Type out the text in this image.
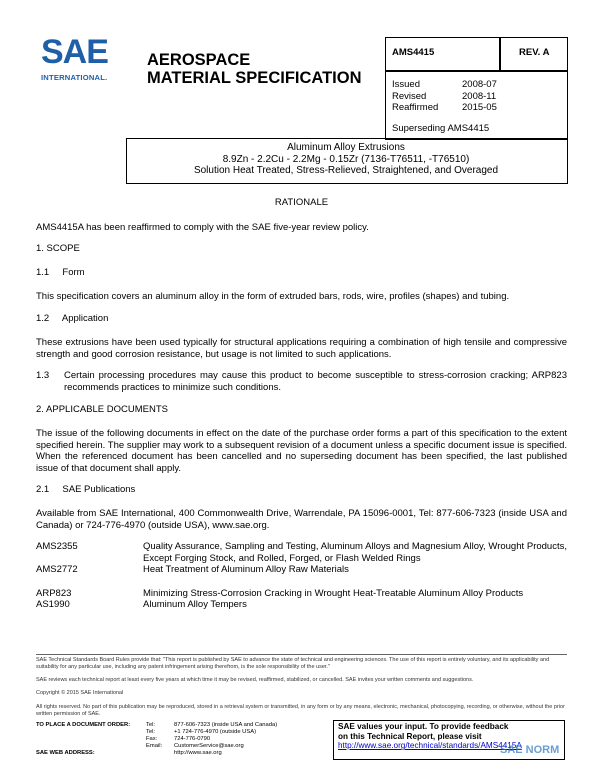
SAE
INTERNATIONAL.
AEROSPACE
MATERIAL SPECIFICATION
AMS4415	REV. A
Issued	2008-07
Revised	2008-11
Reaffirmed	2015-05
Superseding AMS4415
Aluminum Alloy Extrusions
8.9Zn - 2.2Cu - 2.2Mg - 0.15Zr (7136-T76511, -T76510)
Solution Heat Treated, Stress-Relieved, Straightened, and Overaged
RATIONALE
AMS4415A has been reaffirmed to comply with the SAE five-year review policy.
1. SCOPE
1.1     Form
This specification covers an aluminum alloy in the form of extruded bars, rods, wire, profiles (shapes) and tubing.
1.2     Application
These extrusions have been used typically for structural applications requiring a combination of high tensile and compressive strength and good corrosion resistance, but usage is not limited to such applications.
1.3 Certain processing procedures may cause this product to become susceptible to stress-corrosion cracking; ARP823 recommends practices to minimize such conditions.
2. APPLICABLE DOCUMENTS
The issue of the following documents in effect on the date of the purchase order forms a part of this specification to the extent specified herein. The supplier may work to a subsequent revision of a document unless a specific document issue is specified. When the referenced document has been cancelled and no superseding document has been specified, the last published issue of that document shall apply.
2.1     SAE Publications
Available from SAE International, 400 Commonwealth Drive, Warrendale, PA 15096-0001, Tel: 877-606-7323 (inside USA and Canada) or 724-776-4970 (outside USA), www.sae.org.
AMS2355	Quality Assurance, Sampling and Testing, Aluminum Alloys and Magnesium Alloy, Wrought Products, Except Forging Stock, and Rolled, Forged, or Flash Welded Rings
AMS2772	Heat Treatment of Aluminum Alloy Raw Materials
ARP823	Minimizing Stress-Corrosion Cracking in Wrought Heat-Treatable Aluminum Alloy Products
AS1990	Aluminum Alloy Tempers
SAE Technical Standards Board Rules provide that: "This report is published by SAE to advance the state of technical and engineering sciences. The use of this report is entirely voluntary, and its applicability and suitability for any particular use, including any patent infringement arising therefrom, is the sole responsibility of the user."
SAE reviews each technical report at least every five years at which time it may be revised, reaffirmed, stabilized, or cancelled. SAE invites your written comments and suggestions.
Copyright © 2015 SAE International
All rights reserved. No part of this publication may be reproduced, stored in a retrieval system or transmitted, in any form or by any means, electronic, mechanical, photocopying, recording, or otherwise, without the prior written permission of SAE.
TO PLACE A DOCUMENT ORDER:	Tel:	877-606-7323 (inside USA and Canada)
Tel:	+1 724-776-4970 (outside USA)
Fax:	724-776-0790
Email:	CustomerService@sae.org
SAE WEB ADDRESS:	http://www.sae.org
SAE values your input. To provide feedback
on this Technical Report, please visit
http://www.sae.org/technical/standards/AMS4415A
SAE NORM
